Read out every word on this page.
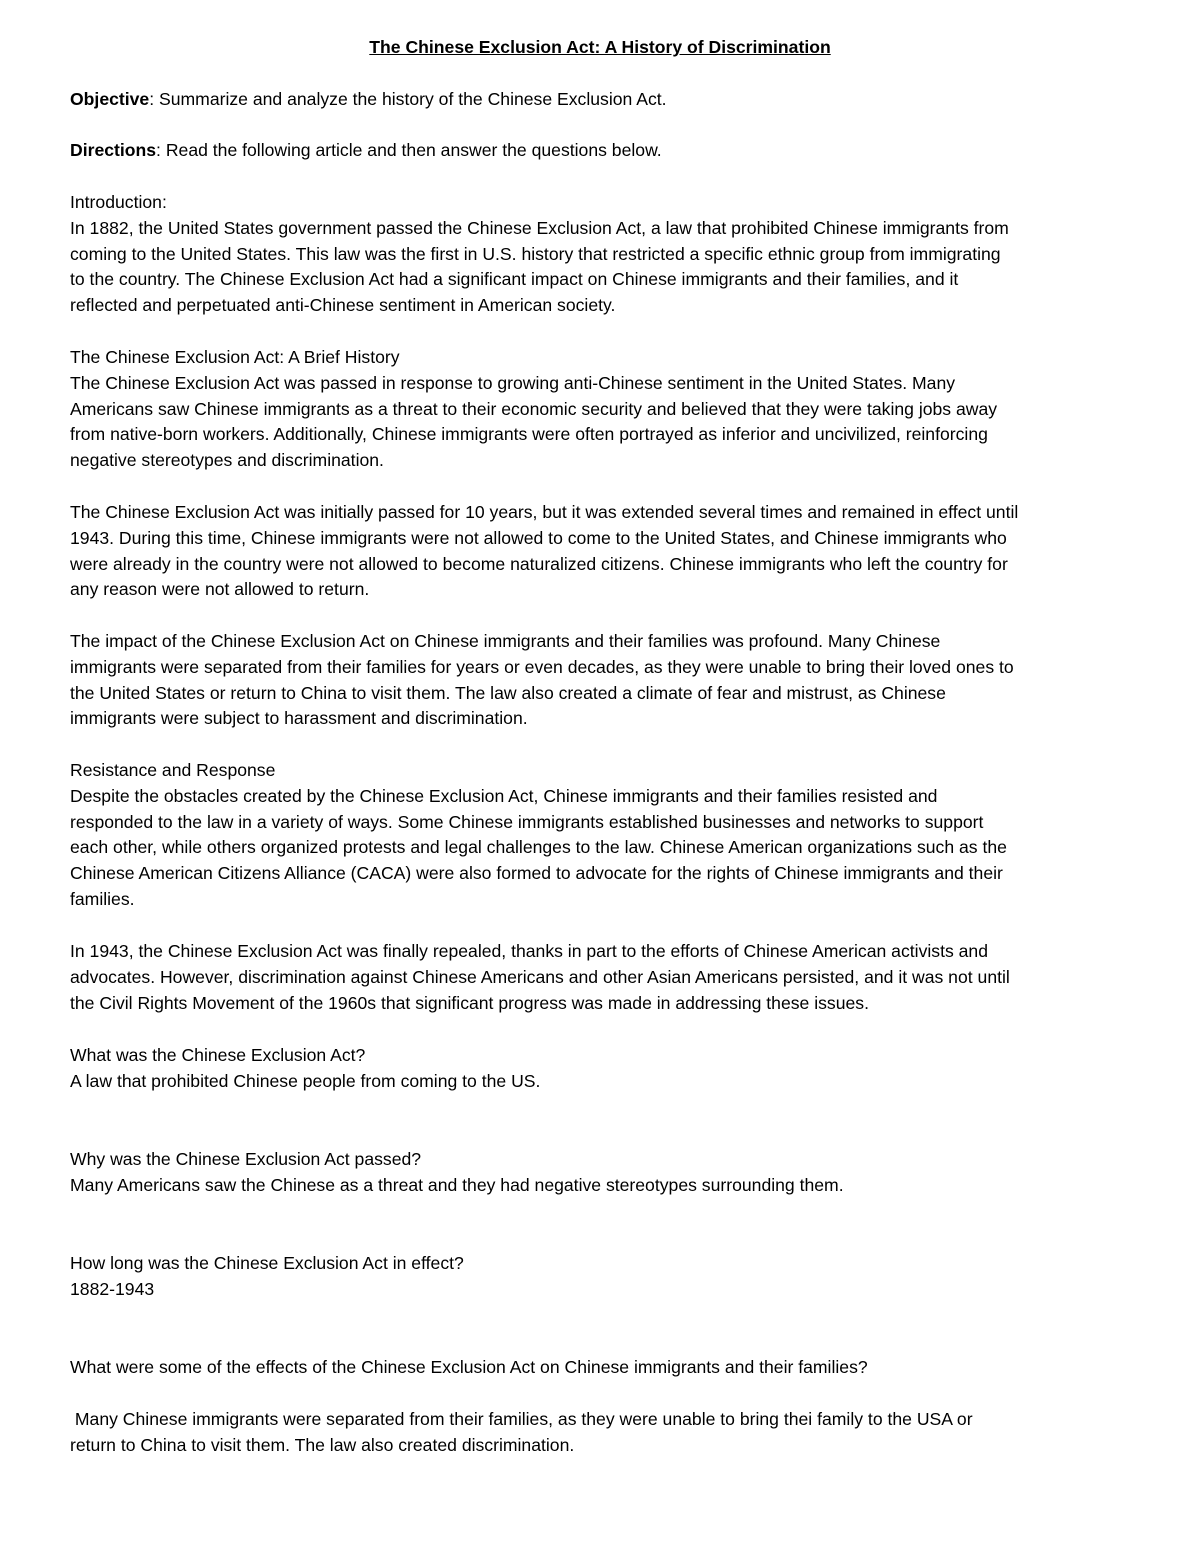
The Chinese Exclusion Act: A History of Discrimination
Objective: Summarize and analyze the history of the Chinese Exclusion Act.
Directions: Read the following article and then answer the questions below.
Introduction:
In 1882, the United States government passed the Chinese Exclusion Act, a law that prohibited Chinese immigrants from
coming to the United States. This law was the first in U.S. history that restricted a specific ethnic group from immigrating
to the country. The Chinese Exclusion Act had a significant impact on Chinese immigrants and their families, and it
reflected and perpetuated anti-Chinese sentiment in American society.
The Chinese Exclusion Act: A Brief History
The Chinese Exclusion Act was passed in response to growing anti-Chinese sentiment in the United States. Many
Americans saw Chinese immigrants as a threat to their economic security and believed that they were taking jobs away
from native-born workers. Additionally, Chinese immigrants were often portrayed as inferior and uncivilized, reinforcing
negative stereotypes and discrimination.
The Chinese Exclusion Act was initially passed for 10 years, but it was extended several times and remained in effect until
1943. During this time, Chinese immigrants were not allowed to come to the United States, and Chinese immigrants who
were already in the country were not allowed to become naturalized citizens. Chinese immigrants who left the country for
any reason were not allowed to return.
The impact of the Chinese Exclusion Act on Chinese immigrants and their families was profound. Many Chinese
immigrants were separated from their families for years or even decades, as they were unable to bring their loved ones to
the United States or return to China to visit them. The law also created a climate of fear and mistrust, as Chinese
immigrants were subject to harassment and discrimination.
Resistance and Response
Despite the obstacles created by the Chinese Exclusion Act, Chinese immigrants and their families resisted and
responded to the law in a variety of ways. Some Chinese immigrants established businesses and networks to support
each other, while others organized protests and legal challenges to the law. Chinese American organizations such as the
Chinese American Citizens Alliance (CACA) were also formed to advocate for the rights of Chinese immigrants and their
families.
In 1943, the Chinese Exclusion Act was finally repealed, thanks in part to the efforts of Chinese American activists and
advocates. However, discrimination against Chinese Americans and other Asian Americans persisted, and it was not until
the Civil Rights Movement of the 1960s that significant progress was made in addressing these issues.
What was the Chinese Exclusion Act?
A law that prohibited Chinese people from coming to the US.
Why was the Chinese Exclusion Act passed?
Many Americans saw the Chinese as a threat and they had negative stereotypes surrounding them.
How long was the Chinese Exclusion Act in effect?
1882-1943
What were some of the effects of the Chinese Exclusion Act on Chinese immigrants and their families?
Many Chinese immigrants were separated from their families, as they were unable to bring thei family to the USA or
return to China to visit them. The law also created discrimination.
